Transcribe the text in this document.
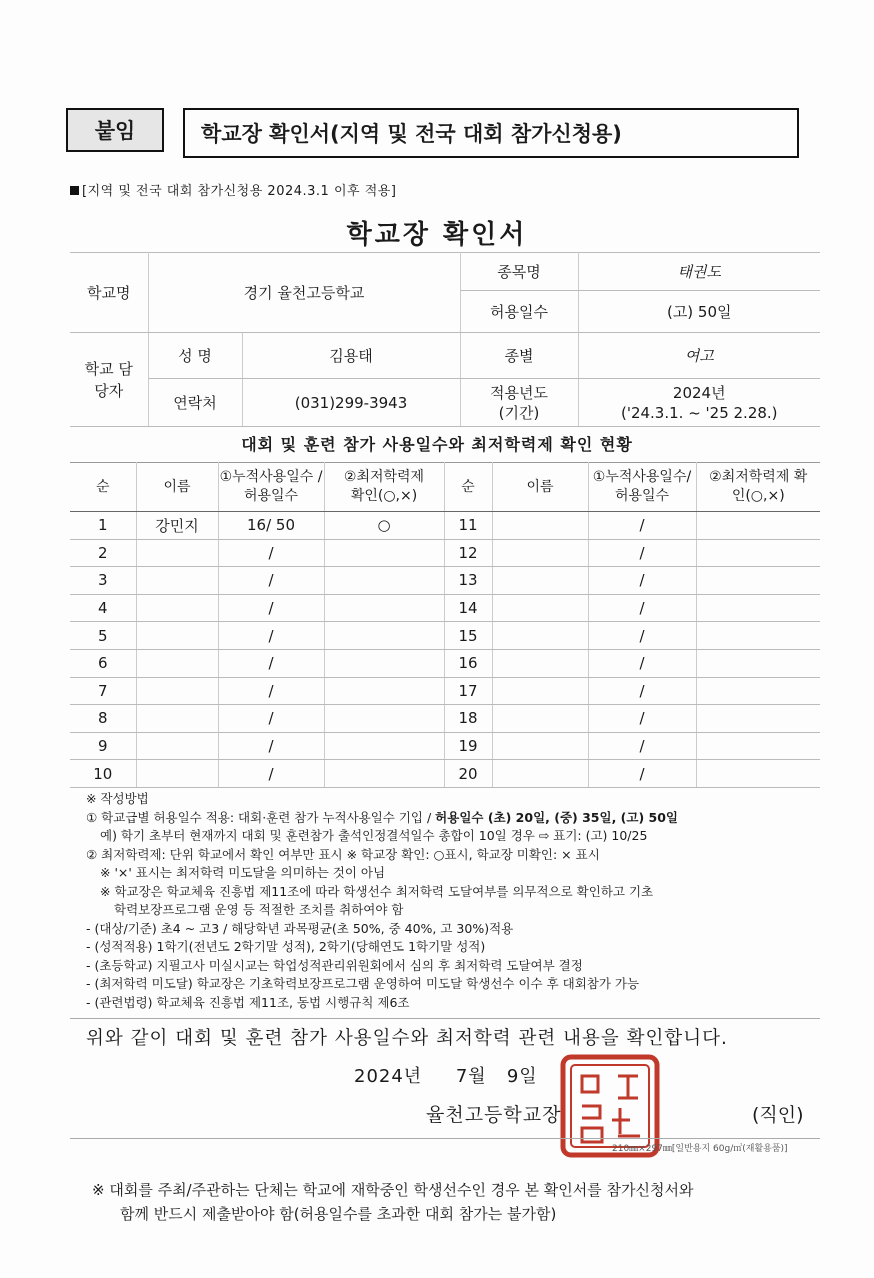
붙임	학교장 확인서(지역 및 전국 대회 참가신청용)
[지역 및 전국 대회 참가신청용 2024.3.1 이후 적용]
학교장 확인서
학교명	경기 율천고등학교		종목명	태권도
			허용일수	(고) 50일
학교 담당자	성 명	김용태	종별	여고
	연락처	(031)299-3943	적용년도 (기간)	2024년
('24.3.1. ~ '25 2.28.)
대회 및 훈련 참가 사용일수와 최저학력제 확인 현황
순	이름	①누적사용일수 /허용일수	②최저학력제 확인(○,×)	순	이름	①누적사용일수/ 허용일수	②최저학력제 확인(○,×)
1	강민지	16/ 50	○	11		/	
2		/		12		/	
3		/		13		/	
4		/		14		/	
5		/		15		/	
6		/		16		/	
7		/		17		/	
8		/		18		/	
9		/		19		/	
10		/		20		/	
※ 작성방법
① 학교급별 허용일수 적용: 대회·훈련 참가 누적사용일수 기입 / 허용일수 (초) 20일, (중) 35일, (고) 50일
예) 학기 초부터 현재까지 대회 및 훈련참가 출석인정결석일수 총합이 10일 경우 ⇨ 표기: (고) 10/25
② 최저학력제: 단위 학교에서 확인 여부만 표시 ※ 학교장 확인: ○표시, 학교장 미확인: × 표시
※ '×' 표시는 최저학력 미도달을 의미하는 것이 아님
※ 학교장은 학교체육 진흥법 제11조에 따라 학생선수 최저학력 도달여부를 의무적으로 확인하고 기초
학력보장프로그램 운영 등 적절한 조치를 취하여야 함
- (대상/기준) 초4 ~ 고3 / 해당학년 과목평균(초 50%, 중 40%, 고 30%)적용
- (성적적용) 1학기(전년도 2학기말 성적), 2학기(당해연도 1학기말 성적)
- (초등학교) 지필고사 미실시교는 학업성적관리위원회에서 심의 후 최저학력 도달여부 결정
- (최저학력 미도달) 학교장은 기초학력보장프로그램 운영하여 미도달 학생선수 이수 후 대회참가 가능
- (관련법령) 학교체육 진흥법 제11조, 동법 시행규칙 제6조
위와 같이 대회 및 훈련 참가 사용일수와 최저학력 관련 내용을 확인합니다.
2024년 7월 9일
율천고등학교장	(직인)
210㎜×297㎜[일반용지 60g/㎡(재활용품)]
※ 대회를 주최/주관하는 단체는 학교에 재학중인 학생선수인 경우 본 확인서를 참가신청서와
함께 반드시 제출받아야 함(허용일수를 초과한 대회 참가는 불가함)
